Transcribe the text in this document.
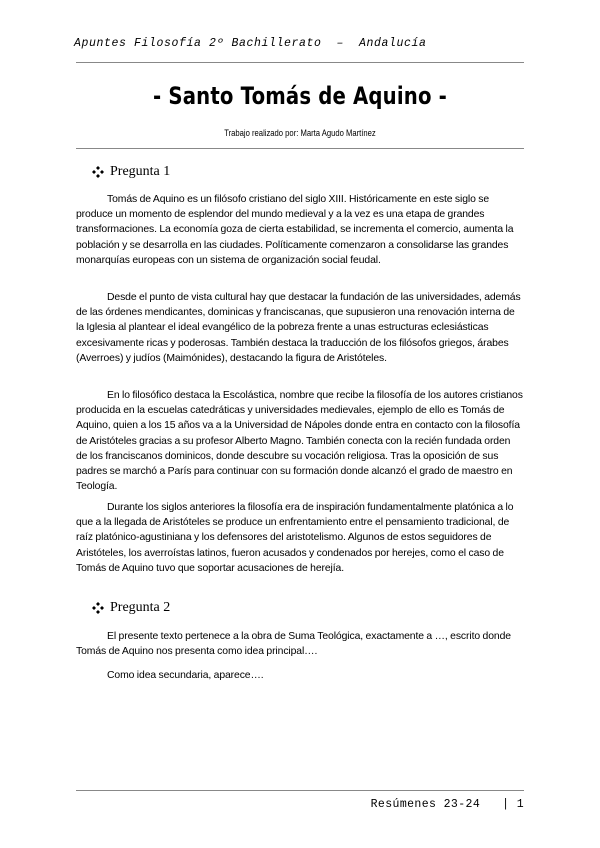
Apuntes Filosofía 2º Bachillerato  –  Andalucía
- Santo Tomás de Aquino -
Trabajo realizado por: Marta Agudo Martínez
Pregunta 1

Tomás de Aquino es un filósofo cristiano del siglo XIII. Históricamente en este siglo se produce un momento de esplendor del mundo medieval y a la vez es una etapa de grandes transformaciones. La economía goza de cierta estabilidad, se incrementa el comercio, aumenta la población y se desarrolla en las ciudades. Políticamente comenzaron a consolidarse las grandes monarquías europeas con un sistema de organización social feudal.

Desde el punto de vista cultural hay que destacar la fundación de las universidades, además de las órdenes mendicantes, dominicas y franciscanas, que supusieron una renovación interna de la Iglesia al plantear el ideal evangélico de la pobreza frente a unas estructuras eclesiásticas excesivamente ricas y poderosas. También destaca la traducción de los filósofos griegos, árabes (Averroes) y judíos (Maimónides), destacando la figura de Aristóteles.

En lo filosófico destaca la Escolástica, nombre que recibe la filosofía de los autores cristianos producida en la escuelas catedráticas y universidades medievales, ejemplo de ello es Tomás de Aquino, quien a los 15 años va a la Universidad de Nápoles donde entra en contacto con la filosofía de Aristóteles gracias a su profesor Alberto Magno. También conecta con la recién fundada orden de los franciscanos dominicos, donde descubre su vocación religiosa. Tras la oposición de sus padres se marchó a París para continuar con su formación donde alcanzó el grado de maestro en Teología.

Durante los siglos anteriores la filosofía era de inspiración fundamentalmente platónica a lo que a la llegada de Aristóteles se produce un enfrentamiento entre el pensamiento tradicional, de raíz platónico-agustiniana y los defensores del aristotelismo. Algunos de estos seguidores de Aristóteles, los averroístas latinos, fueron acusados y condenados por herejes, como el caso de Tomás de Aquino tuvo que soportar acusaciones de herejía.

Pregunta 2

El presente texto pertenece a la obra de Suma Teológica, exactamente a …, escrito donde Tomás de Aquino nos presenta como idea principal….

Como idea secundaria, aparece….

Resúmenes 23-24 | 1
